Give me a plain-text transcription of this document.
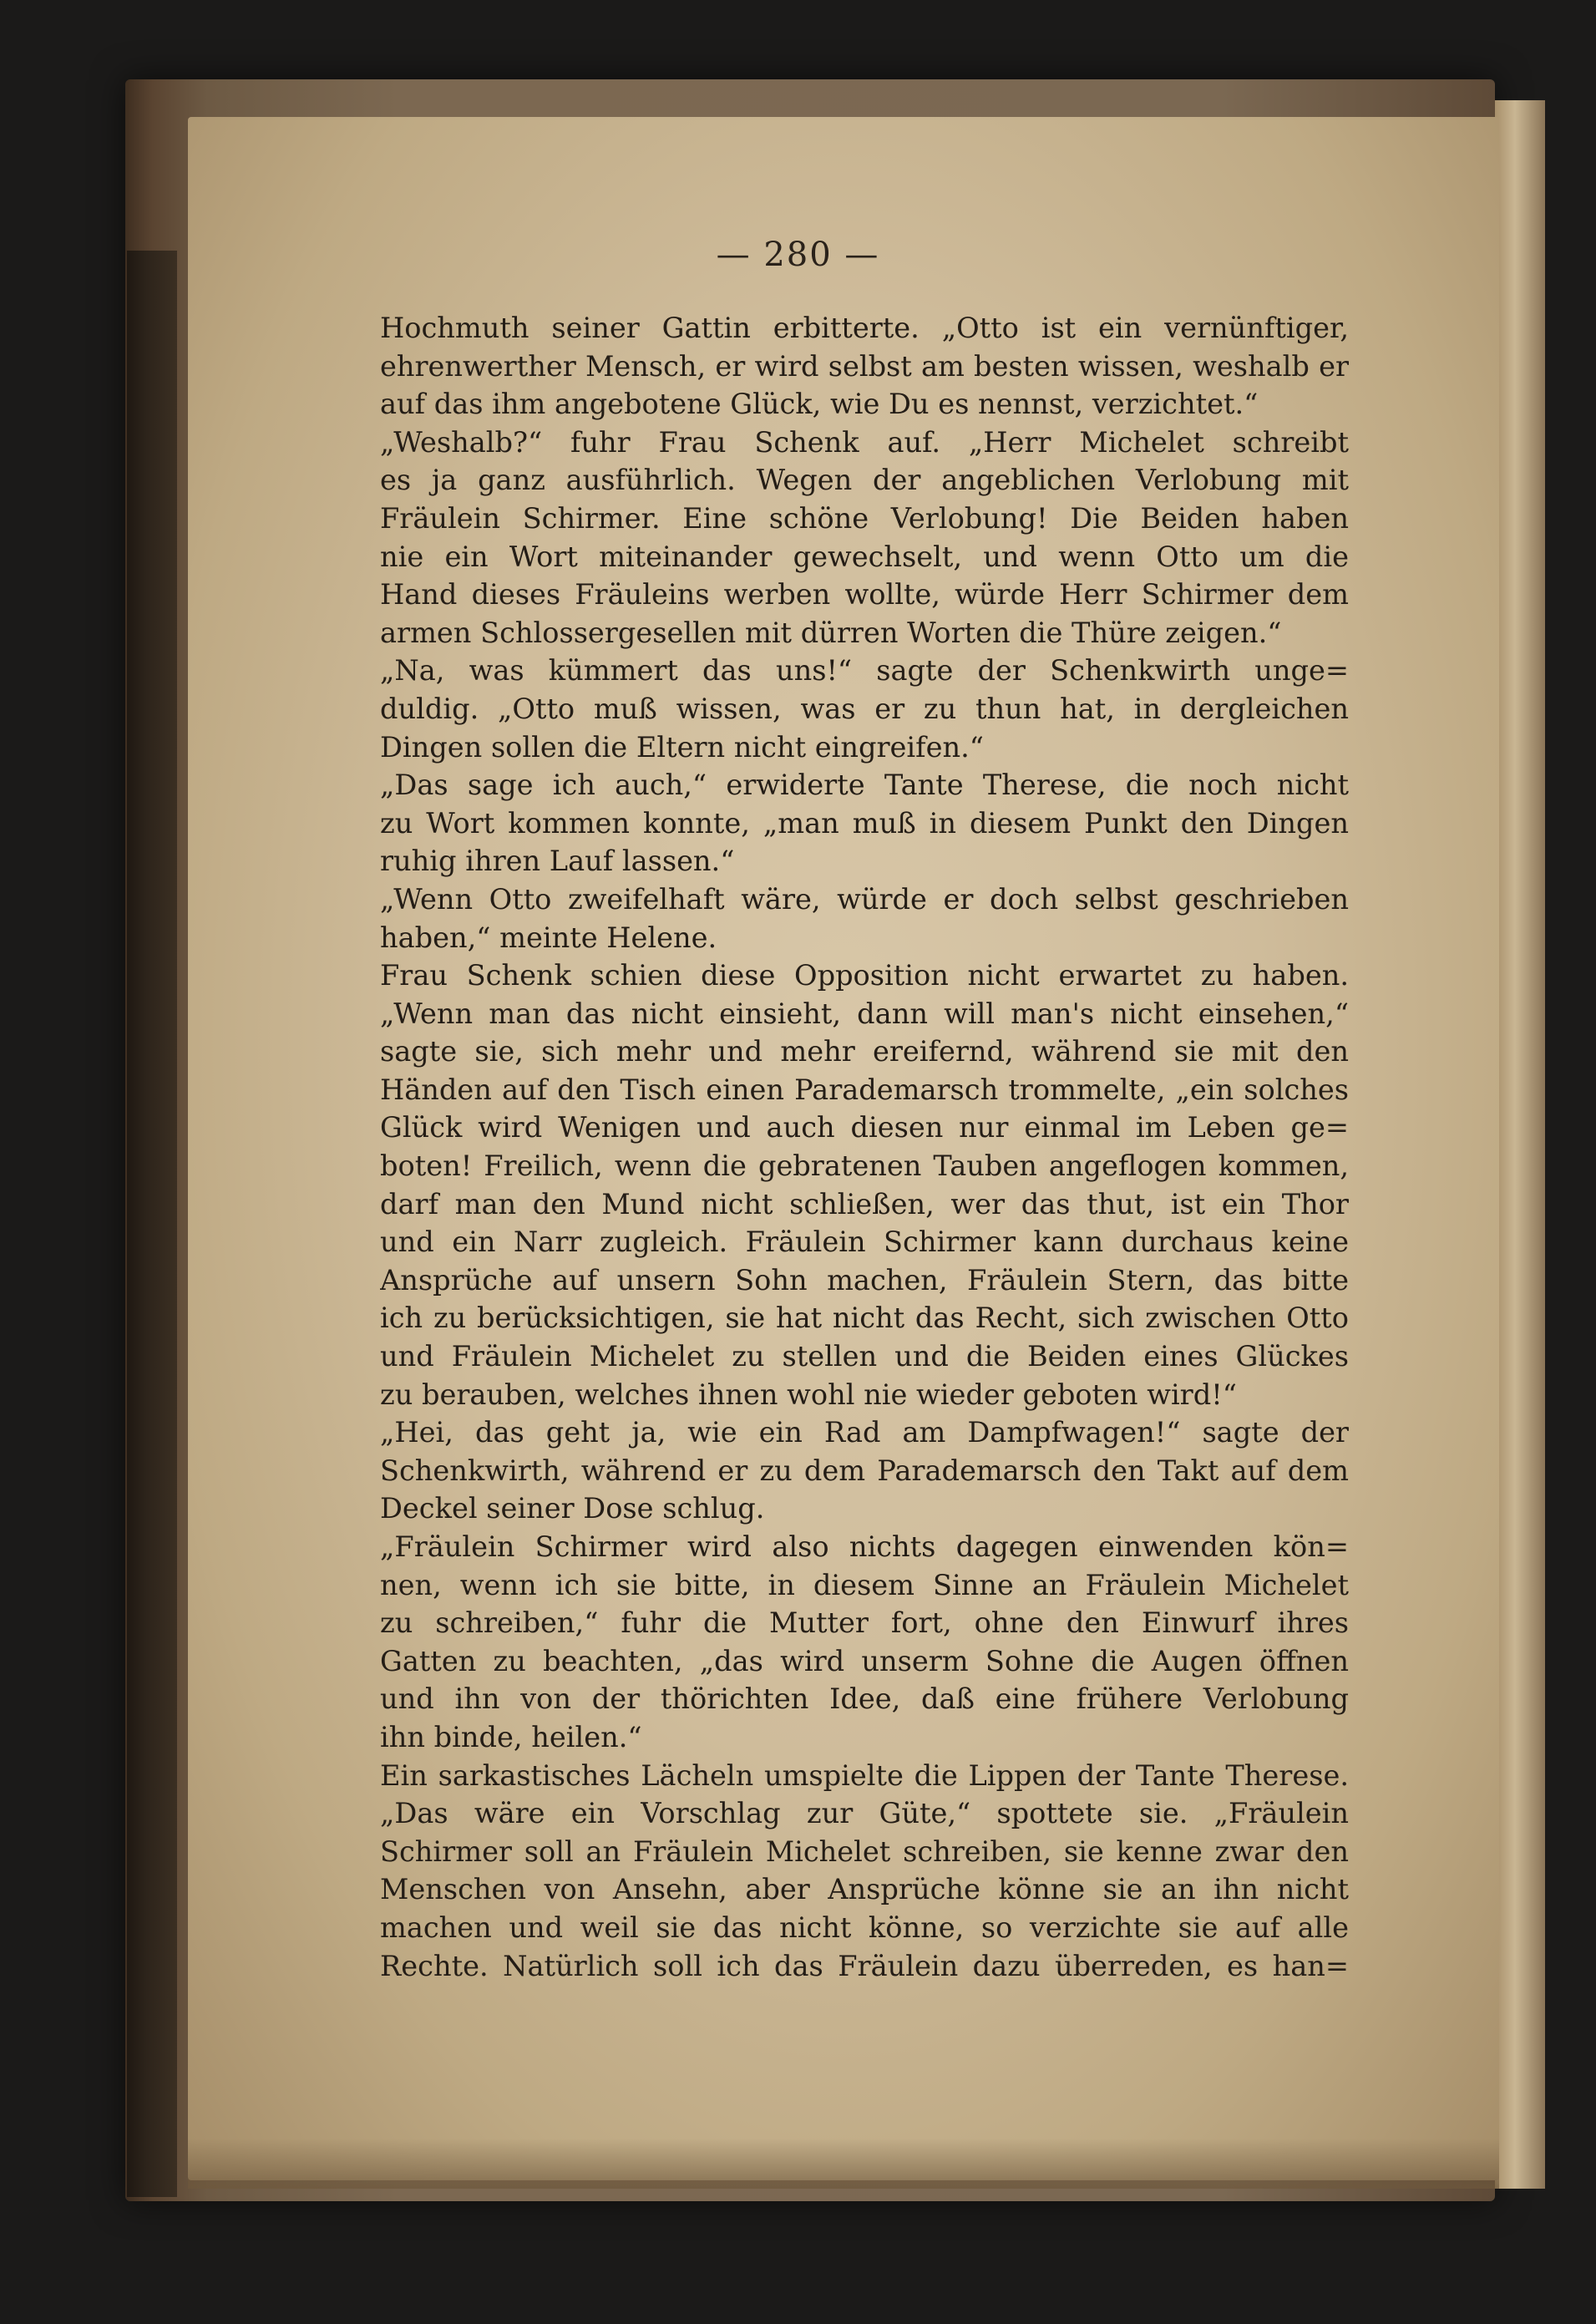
— 280 —
Hochmuth seiner Gattin erbitterte. „Otto ist ein vernünftiger,
ehrenwerther Mensch, er wird selbst am besten wissen, weshalb er
auf das ihm angebotene Glück, wie Du es nennst, verzichtet.“
„Weshalb?“ fuhr Frau Schenk auf. „Herr Michelet schreibt
es ja ganz ausführlich. Wegen der angeblichen Verlobung mit
Fräulein Schirmer. Eine schöne Verlobung! Die Beiden haben
nie ein Wort miteinander gewechselt, und wenn Otto um die
Hand dieses Fräuleins werben wollte, würde Herr Schirmer dem
armen Schlossergesellen mit dürren Worten die Thüre zeigen.“
„Na, was kümmert das uns!“ sagte der Schenkwirth unge=
duldig. „Otto muß wissen, was er zu thun hat, in dergleichen
Dingen sollen die Eltern nicht eingreifen.“
„Das sage ich auch,“ erwiderte Tante Therese, die noch nicht
zu Wort kommen konnte, „man muß in diesem Punkt den Dingen
ruhig ihren Lauf lassen.“
„Wenn Otto zweifelhaft wäre, würde er doch selbst geschrieben
haben,“ meinte Helene.
Frau Schenk schien diese Opposition nicht erwartet zu haben.
„Wenn man das nicht einsieht, dann will man's nicht einsehen,“
sagte sie, sich mehr und mehr ereifernd, während sie mit den
Händen auf den Tisch einen Parademarsch trommelte, „ein solches
Glück wird Wenigen und auch diesen nur einmal im Leben ge=
boten! Freilich, wenn die gebratenen Tauben angeflogen kommen,
darf man den Mund nicht schließen, wer das thut, ist ein Thor
und ein Narr zugleich. Fräulein Schirmer kann durchaus keine
Ansprüche auf unsern Sohn machen, Fräulein Stern, das bitte
ich zu berücksichtigen, sie hat nicht das Recht, sich zwischen Otto
und Fräulein Michelet zu stellen und die Beiden eines Glückes
zu berauben, welches ihnen wohl nie wieder geboten wird!“
„Hei, das geht ja, wie ein Rad am Dampfwagen!“ sagte der
Schenkwirth, während er zu dem Parademarsch den Takt auf dem
Deckel seiner Dose schlug.
„Fräulein Schirmer wird also nichts dagegen einwenden kön=
nen, wenn ich sie bitte, in diesem Sinne an Fräulein Michelet
zu schreiben,“ fuhr die Mutter fort, ohne den Einwurf ihres
Gatten zu beachten, „das wird unserm Sohne die Augen öffnen
und ihn von der thörichten Idee, daß eine frühere Verlobung
ihn binde, heilen.“
Ein sarkastisches Lächeln umspielte die Lippen der Tante Therese.
„Das wäre ein Vorschlag zur Güte,“ spottete sie. „Fräulein
Schirmer soll an Fräulein Michelet schreiben, sie kenne zwar den
Menschen von Ansehn, aber Ansprüche könne sie an ihn nicht
machen und weil sie das nicht könne, so verzichte sie auf alle
Rechte. Natürlich soll ich das Fräulein dazu überreden, es han=
